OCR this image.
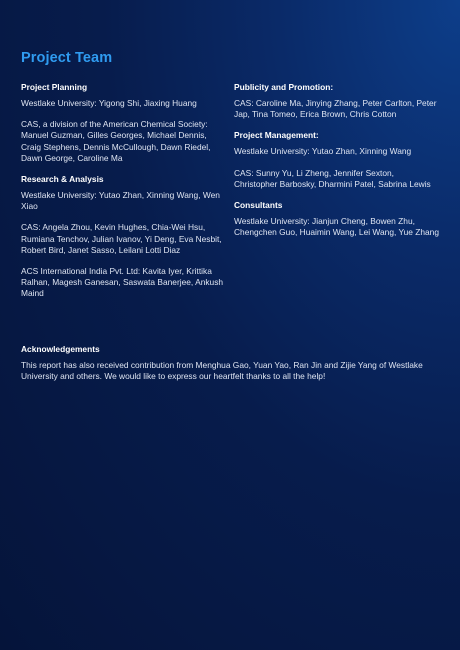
Project Team
Project Planning

Westlake University: Yigong Shi, Jiaxing Huang

CAS, a division of the American Chemical Society: Manuel Guzman, Gilles Georges, Michael Dennis, Craig Stephens, Dennis McCullough, Dawn Riedel, Dawn George, Caroline Ma

Research & Analysis

Westlake University: Yutao Zhan, Xinning Wang, Wen Xiao

CAS: Angela Zhou, Kevin Hughes, Chia-Wei Hsu, Rumiana Tenchov, Julian Ivanov, Yi Deng, Eva Nesbit, Robert Bird, Janet Sasso, Leilani Lotti Diaz

ACS International India Pvt. Ltd: Kavita Iyer, Krittika Ralhan, Magesh Ganesan, Saswata Banerjee, Ankush Maind

Publicity and Promotion:

CAS: Caroline Ma, Jinying Zhang, Peter Carlton, Peter Jap, Tina Tomeo, Erica Brown, Chris Cotton

Project Management:

Westlake University: Yutao Zhan, Xinning Wang

CAS: Sunny Yu, Li Zheng, Jennifer Sexton, Christopher Barbosky, Dharmini Patel, Sabrina Lewis

Consultants

Westlake University: Jianjun Cheng, Bowen Zhu, Chengchen Guo, Huaimin Wang, Lei Wang, Yue Zhang

Acknowledgements

This report has also received contribution from Menghua Gao, Yuan Yao, Ran Jin and Zijie Yang of Westlake University and others. We would like to express our heartfelt thanks to all the help!
